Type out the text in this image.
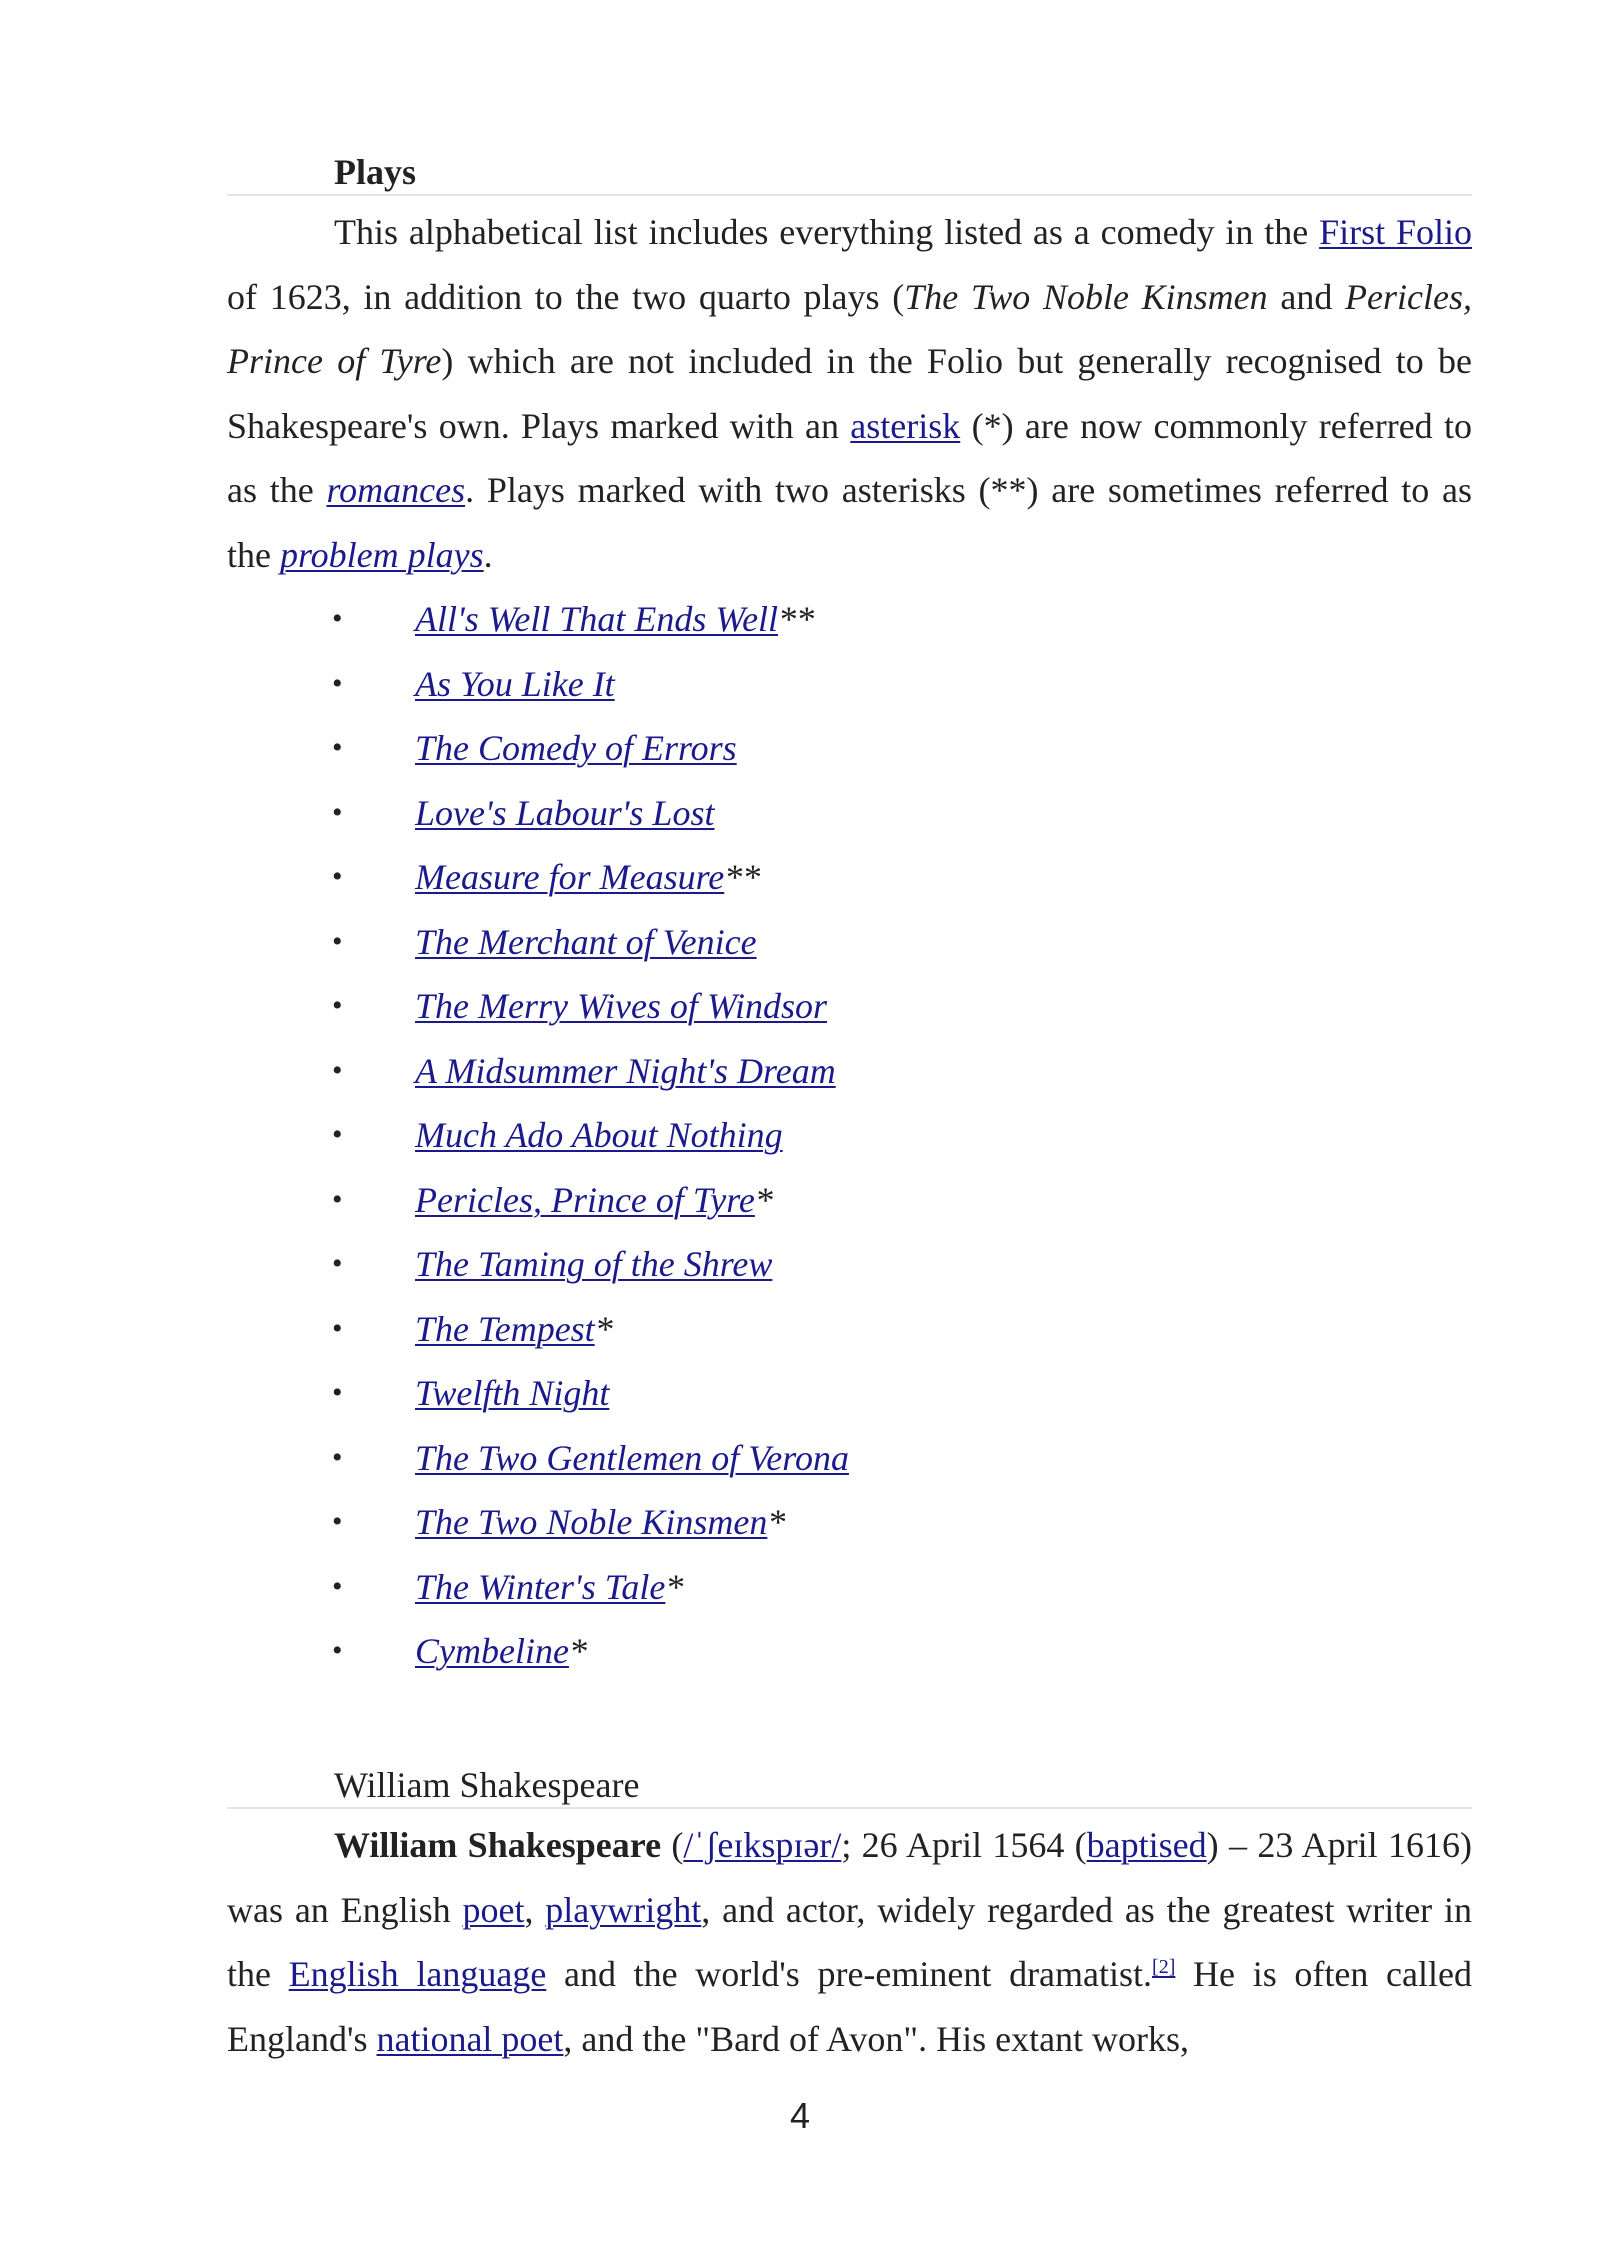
Plays

This alphabetical list includes everything listed as a comedy in the First Folio of 1623, in addition to the two quarto plays (The Two Noble Kinsmen and Pericles, Prince of Tyre) which are not included in the Folio but generally recognised to be Shakespeare's own. Plays marked with an asterisk (*) are now commonly referred to as the romances. Plays marked with two asterisks (**) are sometimes referred to as the problem plays.

• All's Well That Ends Well**
• As You Like It
• The Comedy of Errors
• Love's Labour's Lost
• Measure for Measure**
• The Merchant of Venice
• The Merry Wives of Windsor
• A Midsummer Night's Dream
• Much Ado About Nothing
• Pericles, Prince of Tyre*
• The Taming of the Shrew
• The Tempest*
• Twelfth Night
• The Two Gentlemen of Verona
• The Two Noble Kinsmen*
• The Winter's Tale*
• Cymbeline*
William Shakespeare

William Shakespeare (/ˈʃeɪkspɪər/; 26 April 1564 (baptised) – 23 April 1616) was an English poet, playwright, and actor, widely regarded as the greatest writer in the English language and the world's pre-eminent dramatist.[2] He is often called England's national poet, and the "Bard of Avon". His extant works,

4
